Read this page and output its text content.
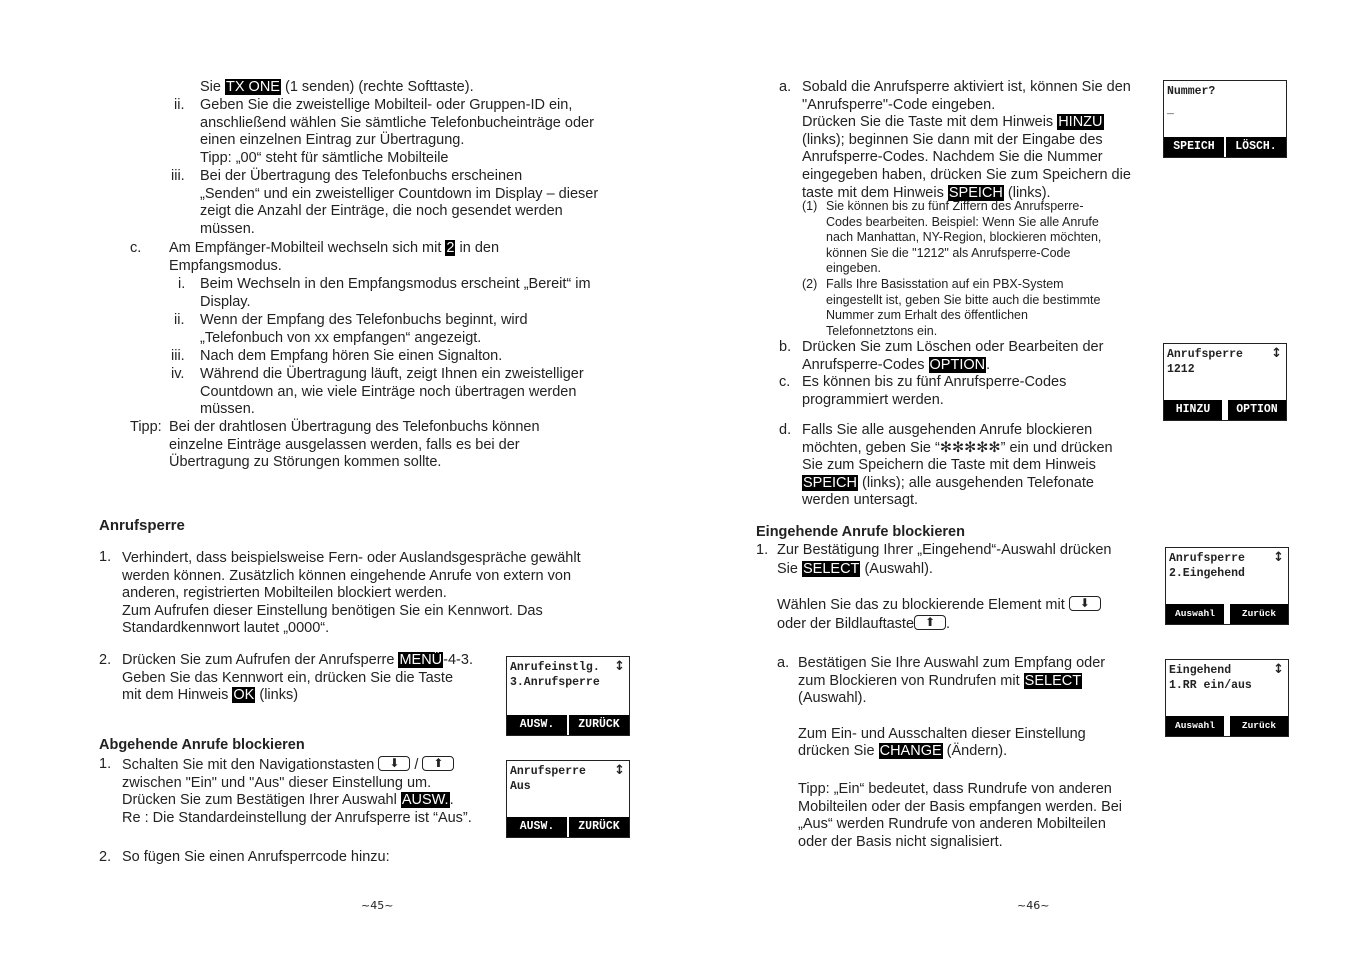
Sie TX ONE (1 senden) (rechte Softtaste).
ii. Geben Sie die zweistellige Mobilteil- oder Gruppen-ID ein,
anschließend wählen Sie sämtliche Telefonbucheinträge oder
einen einzelnen Eintrag zur Übertragung.
Tipp: „00“ steht für sämtliche Mobilteile
iii. Bei der Übertragung des Telefonbuchs erscheinen
„Senden“ und ein zweistelliger Countdown im Display – dieser
zeigt die Anzahl der Einträge, die noch gesendet werden
müssen.
c. Am Empfänger-Mobilteil wechseln sich mit 2 in den
Empfangsmodus.
i. Beim Wechseln in den Empfangsmodus erscheint „Bereit“ im
Display.
ii. Wenn der Empfang des Telefonbuchs beginnt, wird
„Telefonbuch von xx empfangen“ angezeigt.
iii. Nach dem Empfang hören Sie einen Signalton.
iv. Während die Übertragung läuft, zeigt Ihnen ein zweistelliger
Countdown an, wie viele Einträge noch übertragen werden
müssen.
Tipp: Bei der drahtlosen Übertragung des Telefonbuchs können
einzelne Einträge ausgelassen werden, falls es bei der
Übertragung zu Störungen kommen sollte.
Anrufsperre
1. Verhindert, dass beispielsweise Fern- oder Auslandsgespräche gewählt
werden können. Zusätzlich können eingehende Anrufe von extern von
anderen, registrierten Mobilteilen blockiert werden.
Zum Aufrufen dieser Einstellung benötigen Sie ein Kennwort. Das
Standardkennwort lautet „0000“.
2. Drücken Sie zum Aufrufen der Anrufsperre MENÜ-4-3.
Geben Sie das Kennwort ein, drücken Sie die Taste
mit dem Hinweis OK (links)
Abgehende Anrufe blockieren
1. Schalten Sie mit den Navigationstasten ⬇ / ⬆
zwischen "Ein" und "Aus" dieser Einstellung um.
Drücken Sie zum Bestätigen Ihrer Auswahl AUSW..
Re : Die Standardeinstellung der Anrufsperre ist “Aus”.
2. So fügen Sie einen Anrufsperrcode hinzu:
Anrufeinstlg.
3.Anrufsperre
↕
AUSW.	ZURÜCK
Anrufsperre
Aus
↕
AUSW.	ZURÜCK
~45~
a. Sobald die Anrufsperre aktiviert ist, können Sie den
"Anrufsperre"-Code eingeben.
Drücken Sie die Taste mit dem Hinweis HINZU
(links); beginnen Sie dann mit der Eingabe des
Anrufsperre-Codes. Nachdem Sie die Nummer
eingegeben haben, drücken Sie zum Speichern die
taste mit dem Hinweis SPEICH (links).
(1) Sie können bis zu fünf Ziffern des Anrufsperre-
Codes bearbeiten. Beispiel: Wenn Sie alle Anrufe
nach Manhattan, NY-Region, blockieren möchten,
können Sie die "1212" als Anrufsperre-Code
eingeben.
(2) Falls Ihre Basisstation auf ein PBX-System
eingestellt ist, geben Sie bitte auch die bestimmte
Nummer zum Erhalt des öffentlichen
Telefonnetztons ein.
b. Drücken Sie zum Löschen oder Bearbeiten der
Anrufsperre-Codes OPTION.
c. Es können bis zu fünf Anrufsperre-Codes
programmiert werden.
d. Falls Sie alle ausgehenden Anrufe blockieren
möchten, geben Sie “✻✻✻✻✻” ein und drücken
Sie zum Speichern die Taste mit dem Hinweis
SPEICH (links); alle ausgehenden Telefonate
werden untersagt.
Eingehende Anrufe blockieren
1. Zur Bestätigung Ihrer „Eingehend“-Auswahl drücken
Sie SELECT (Auswahl).
Wählen Sie das zu blockierende Element mit ⬇
oder der Bildlauftaste ⬆ .
a. Bestätigen Sie Ihre Auswahl zum Empfang oder
zum Blockieren von Rundrufen mit SELECT
(Auswahl).
Zum Ein- und Ausschalten dieser Einstellung
drücken Sie CHANGE (Ändern).
Tipp: „Ein“ bedeutet, dass Rundrufe von anderen
Mobilteilen oder der Basis empfangen werden. Bei
„Aus“ werden Rundrufe von anderen Mobilteilen
oder der Basis nicht signalisiert.
Nummer?
_
SPEICH	LÖSCH.
Anrufsperre
1212
↕
HINZU	OPTION
Anrufsperre
2.Eingehend
↕
Auswahl	Zurück
Eingehend
1.RR ein/aus
↕
Auswahl	Zurück
~46~
